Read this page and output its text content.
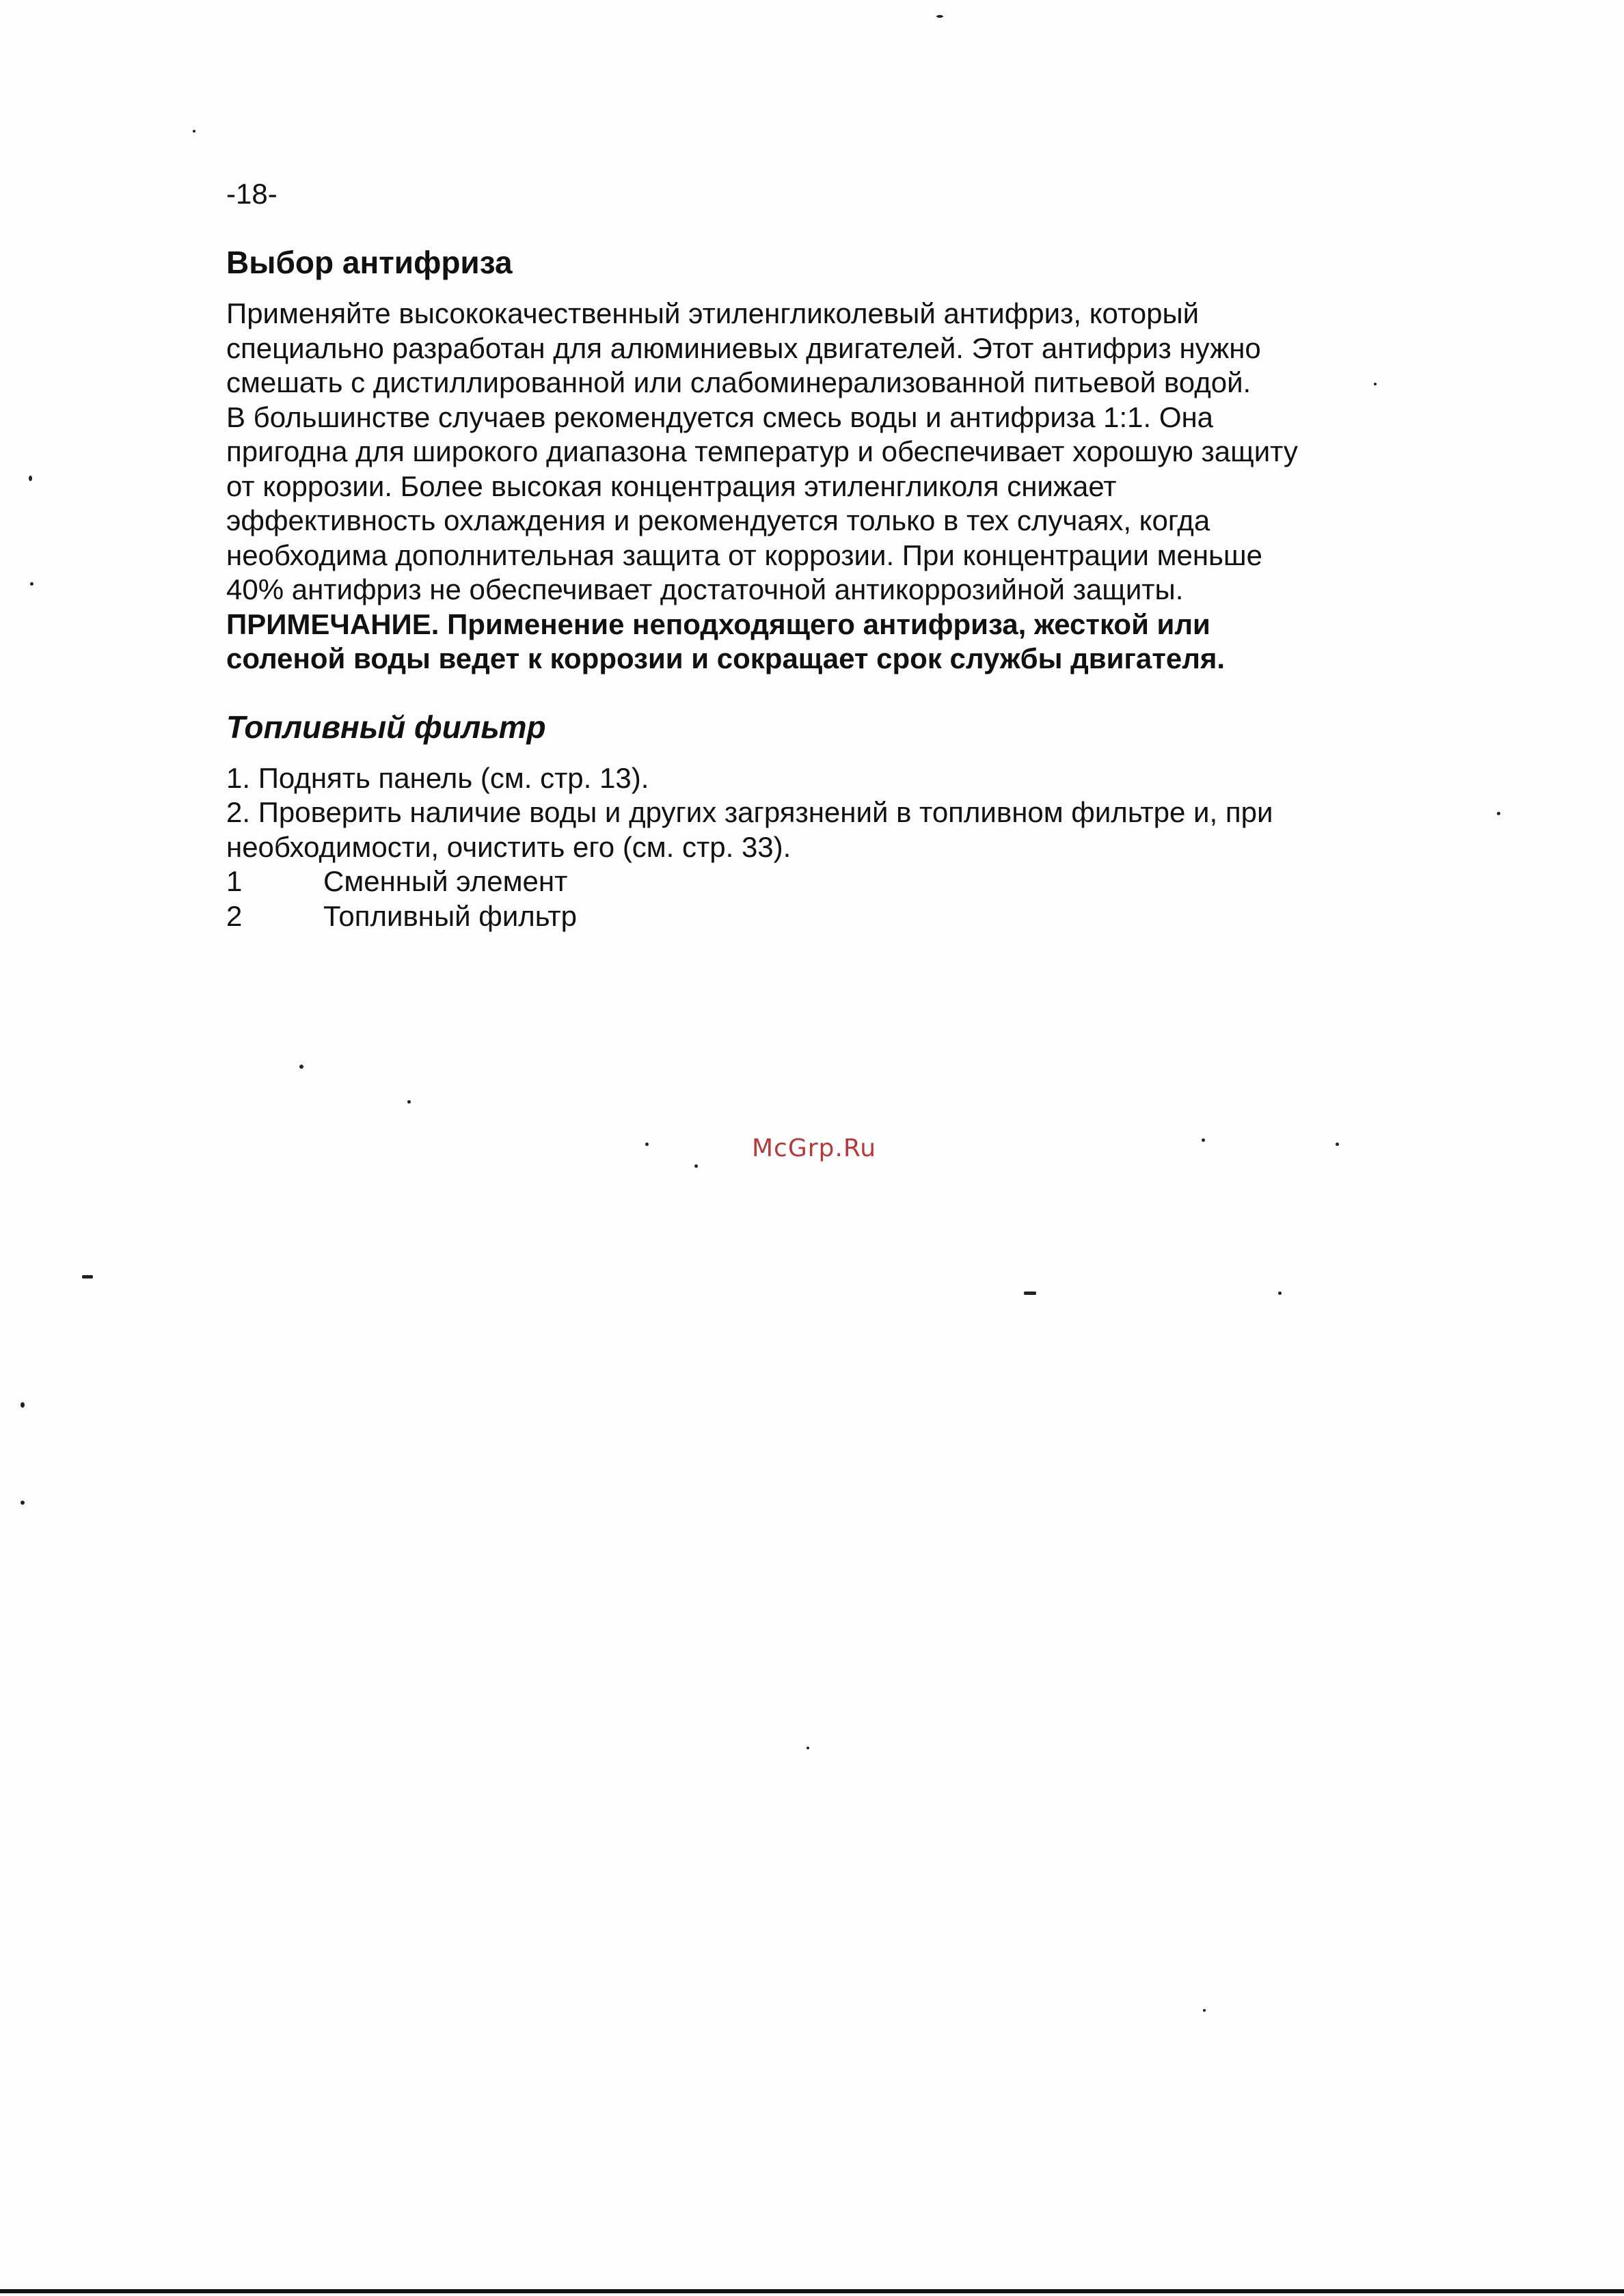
-18-
Выбор антифриза

Применяйте высококачественный этиленгликолевый антифриз, который

специально разработан для алюминиевых двигателей. Этот антифриз нужно

смешать с дистиллированной или слабоминерализованной питьевой водой.

В большинстве случаев рекомендуется смесь воды и антифриза 1:1. Она

пригодна для широкого диапазона температур и обеспечивает хорошую защиту

от коррозии. Более высокая концентрация этиленгликоля снижает

эффективность охлаждения и рекомендуется только в тех случаях, когда

необходима дополнительная защита от коррозии. При концентрации меньше

40% антифриз не обеспечивает достаточной антикоррозийной защиты.

ПРИМЕЧАНИЕ. Применение неподходящего антифриза, жесткой или

соленой воды ведет к коррозии и сокращает срок службы двигателя.

Топливный фильтр

1. Поднять панель (см. стр. 13).

2. Проверить наличие воды и других загрязнений в топливном фильтре и, при

необходимости, очистить его (см. стр. 33).

1	Сменный элемент
2	Топливный фильтр
McGrp.Ru
